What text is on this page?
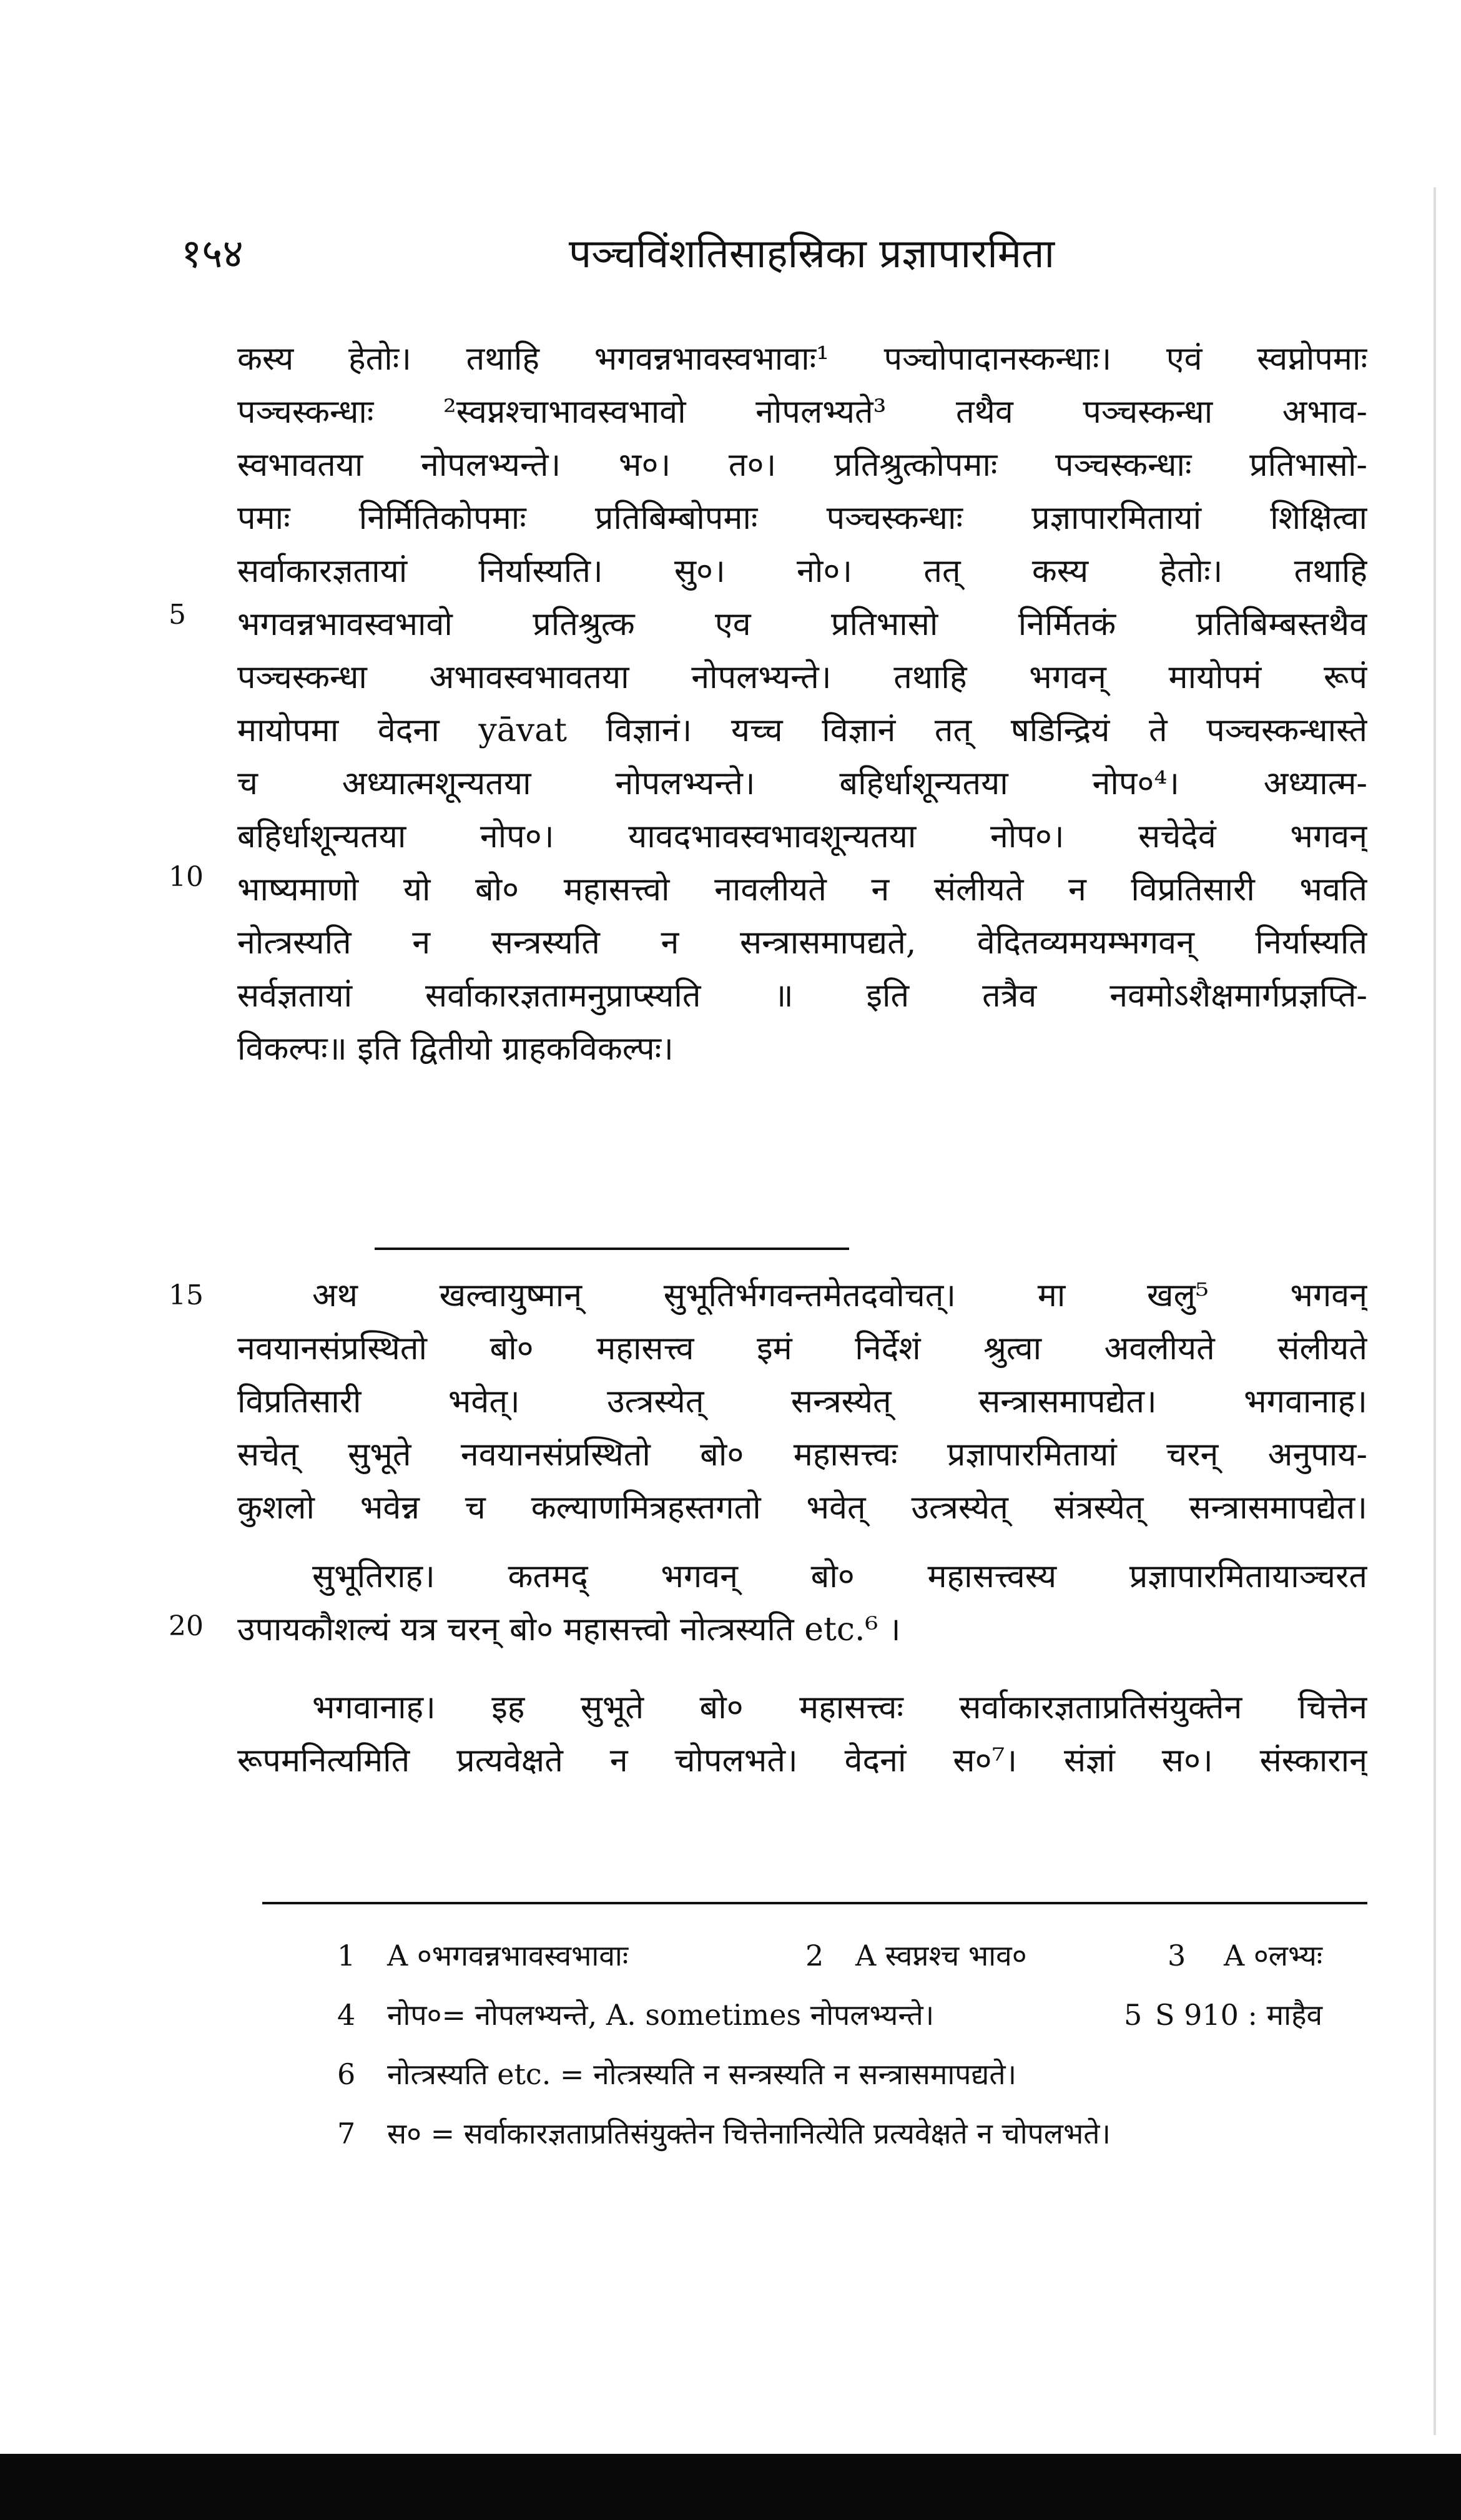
१५४	पञ्चविंशतिसाहस्रिका प्रज्ञापारमिता
कस्य हेतोः। तथाहि भगवन्नभावस्वभावाः¹ पञ्चोपादानस्कन्धाः। एवं स्वप्नोपमाः
पञ्चस्कन्धाः ²स्वप्नश्चाभावस्वभावो नोपलभ्यते³ तथैव पञ्चस्कन्धा अभाव-
स्वभावतया नोपलभ्यन्ते। भ०। त०। प्रतिश्रुत्कोपमाः पञ्चस्कन्धाः प्रतिभासो-
पमाः निर्मितिकोपमाः प्रतिबिम्बोपमाः पञ्चस्कन्धाः प्रज्ञापारमितायां शिक्षित्वा
सर्वाकारज्ञतायां निर्यास्यति। सु०। नो०। तत् कस्य हेतोः। तथाहि
भगवन्नभावस्वभावो प्रतिश्रुत्क एव प्रतिभासो निर्मितकं प्रतिबिम्बस्तथैव
पञ्चस्कन्धा अभावस्वभावतया नोपलभ्यन्ते। तथाहि भगवन् मायोपमं रूपं
मायोपमा वेदना yāvat विज्ञानं। यच्च विज्ञानं तत् षडिन्द्रियं ते पञ्चस्कन्धास्ते
च अध्यात्मशून्यतया नोपलभ्यन्ते। बहिर्धाशून्यतया नोप०⁴। अध्यात्म-
बहिर्धाशून्यतया नोप०। यावदभावस्वभावशून्यतया नोप०। सचेदेवं भगवन्
भाष्यमाणो यो बो० महासत्त्वो नावलीयते न संलीयते न विप्रतिसारी भवति
नोत्त्रस्यति न सन्त्रस्यति न सन्त्रासमापद्यते, वेदितव्यमयम्भगवन् निर्यास्यति
सर्वज्ञतायां सर्वाकारज्ञतामनुप्राप्स्यति ॥ इति तत्रैव नवमोऽशैक्षमार्गप्रज्ञप्ति-
विकल्पः॥ इति द्वितीयो ग्राहकविकल्पः।
अथ खल्वायुष्मान् सुभूतिर्भगवन्तमेतदवोचत्। मा खलु⁵ भगवन्
नवयानसंप्रस्थितो बो० महासत्त्व इमं निर्देशं श्रुत्वा अवलीयते संलीयते
विप्रतिसारी भवेत्। उत्त्रस्येत् सन्त्रस्येत् सन्त्रासमापद्येत। भगवानाह।
सचेत् सुभूते नवयानसंप्रस्थितो बो० महासत्त्वः प्रज्ञापारमितायां चरन् अनुपाय-
कुशलो भवेन्न च कल्याणमित्रहस्तगतो भवेत् उत्त्रस्येत् संत्रस्येत् सन्त्रासमापद्येत।
सुभूतिराह। कतमद् भगवन् बो० महासत्त्वस्य प्रज्ञापारमितायाञ्चरत
उपायकौशल्यं यत्र चरन् बो० महासत्त्वो नोत्त्रस्यति etc.⁶ ।
भगवानाह। इह सुभूते बो० महासत्त्वः सर्वाकारज्ञताप्रतिसंयुक्तेन चित्तेन
रूपमनित्यमिति प्रत्यवेक्षते न चोपलभते। वेदनां स०⁷। संज्ञां स०। संस्कारान्
5
10
15
20
1 A ०भगवन्नभावस्वभावाः	2 A स्वप्नश्च भाव०	3 A ०लभ्यः
4 नोप०= नोपलभ्यन्ते, A. sometimes नोपलभ्यन्ते।	5 S 910 : माहैव
6 नोत्त्रस्यति etc. = नोत्त्रस्यति न सन्त्रस्यति न सन्त्रासमापद्यते।
7 स० = सर्वाकारज्ञताप्रतिसंयुक्तेन चित्तेनानित्येति प्रत्यवेक्षते न चोपलभते।
